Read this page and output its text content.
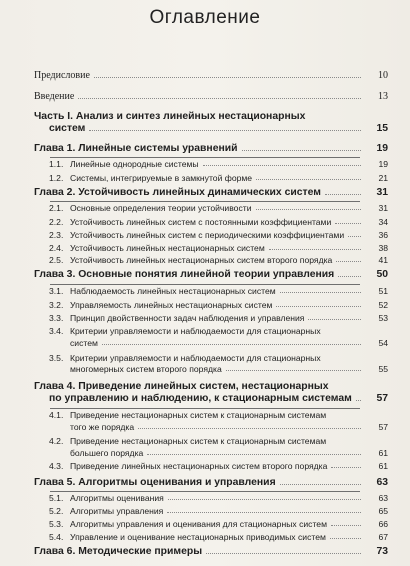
Оглавление
Предисловие	10
Введение	13
Часть I. Анализ и синтез линейных нестационарных
систем	15
Глава 1. Линейные системы уравнений	19
1.1. Линейные однородные системы	19
1.2. Системы, интегрируемые в замкнутой форме	21
Глава 2. Устойчивость линейных динамических систем	31
2.1. Основные определения теории устойчивости	31
2.2. Устойчивость линейных систем с постоянными коэффициентами	34
2.3. Устойчивость линейных систем с периодическими коэффициентами	36
2.4. Устойчивость линейных нестационарных систем	38
2.5. Устойчивость линейных нестационарных систем второго порядка	41
Глава 3. Основные понятия линейной теории управления	50
3.1. Наблюдаемость линейных нестационарных систем	51
3.2. Управляемость линейных нестационарных систем	52
3.3. Принцип двойственности задач наблюдения и управления	53
3.4. Критерии управляемости и наблюдаемости для стационарных
систем	54
3.5. Критерии управляемости и наблюдаемости для стационарных
многомерных систем второго порядка	55
Глава 4. Приведение линейных систем, нестационарных
по управлению и наблюдению, к стационарным системам	57
4.1. Приведение нестационарных систем к стационарным системам
того же порядка	57
4.2. Приведение нестационарных систем к стационарным системам
большего порядка	61
4.3. Приведение линейных нестационарных систем второго порядка	61
Глава 5. Алгоритмы оценивания и управления	63
5.1. Алгоритмы оценивания	63
5.2. Алгоритмы управления	65
5.3. Алгоритмы управления и оценивания для стационарных систем	66
5.4. Управление и оценивание нестационарных приводимых систем	67
Глава 6. Методические примеры	73
